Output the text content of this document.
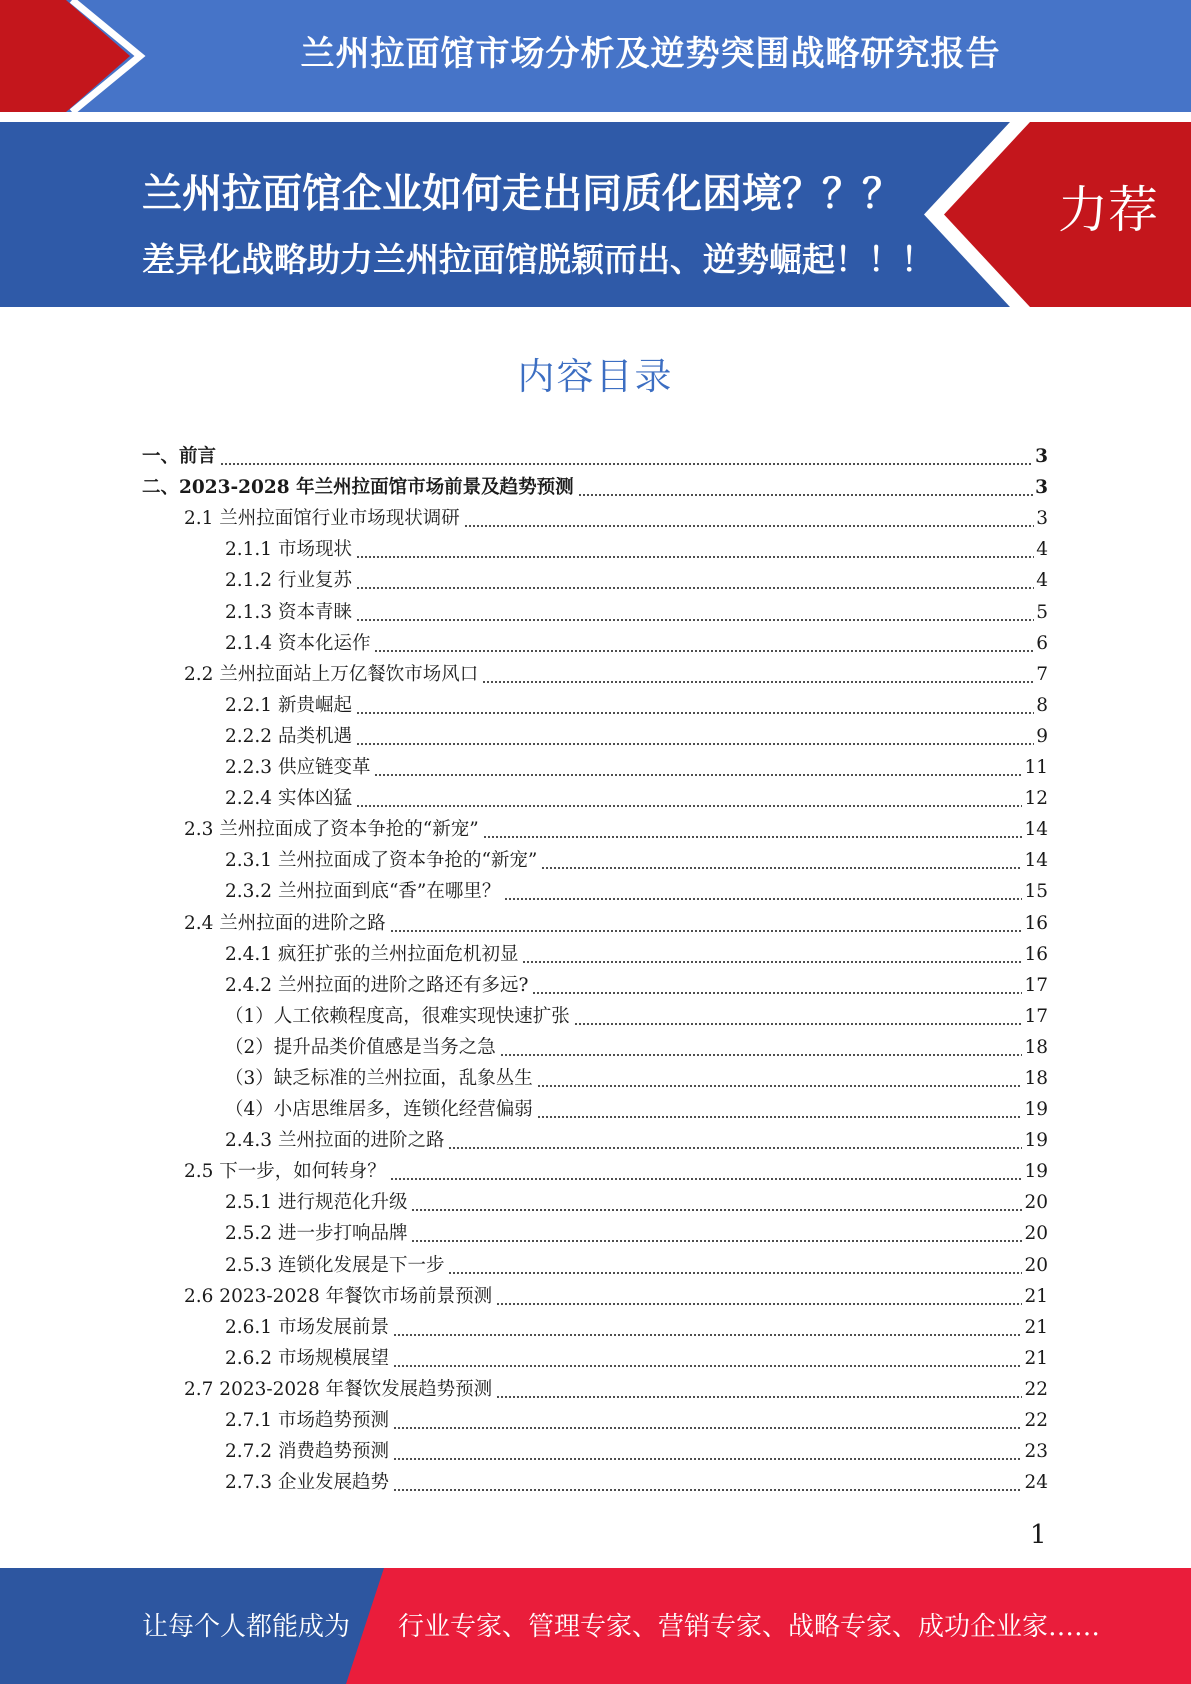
兰州拉面馆市场分析及逆势突围战略研究报告
兰州拉面馆企业如何走出同质化困境？？？
差异化战略助力兰州拉面馆脱颖而出、逆势崛起！！！
力荐
内容目录
一、前言	3
二、2023-2028 年兰州拉面馆市场前景及趋势预测	3
2.1 兰州拉面馆行业市场现状调研	3
2.1.1 市场现状	4
2.1.2 行业复苏	4
2.1.3 资本青睐	5
2.1.4 资本化运作	6
2.2 兰州拉面站上万亿餐饮市场风口	7
2.2.1 新贵崛起	8
2.2.2 品类机遇	9
2.2.3 供应链变革	11
2.2.4 实体凶猛	12
2.3 兰州拉面成了资本争抢的“新宠”	14
2.3.1 兰州拉面成了资本争抢的“新宠”	14
2.3.2 兰州拉面到底“香”在哪里？	15
2.4 兰州拉面的进阶之路	16
2.4.1 疯狂扩张的兰州拉面危机初显	16
2.4.2 兰州拉面的进阶之路还有多远?	17
（1）人工依赖程度高，很难实现快速扩张	17
（2）提升品类价值感是当务之急	18
（3）缺乏标准的兰州拉面，乱象丛生	18
（4）小店思维居多，连锁化经营偏弱	19
2.4.3 兰州拉面的进阶之路	19
2.5 下一步，如何转身？	19
2.5.1 进行规范化升级	20
2.5.2 进一步打响品牌	20
2.5.3 连锁化发展是下一步	20
2.6 2023-2028 年餐饮市场前景预测	21
2.6.1 市场发展前景	21
2.6.2 市场规模展望	21
2.7 2023-2028 年餐饮发展趋势预测	22
2.7.1 市场趋势预测	22
2.7.2 消费趋势预测	23
2.7.3 企业发展趋势	24
1
让每个人都能成为 行业专家、管理专家、营销专家、战略专家、成功企业家……
